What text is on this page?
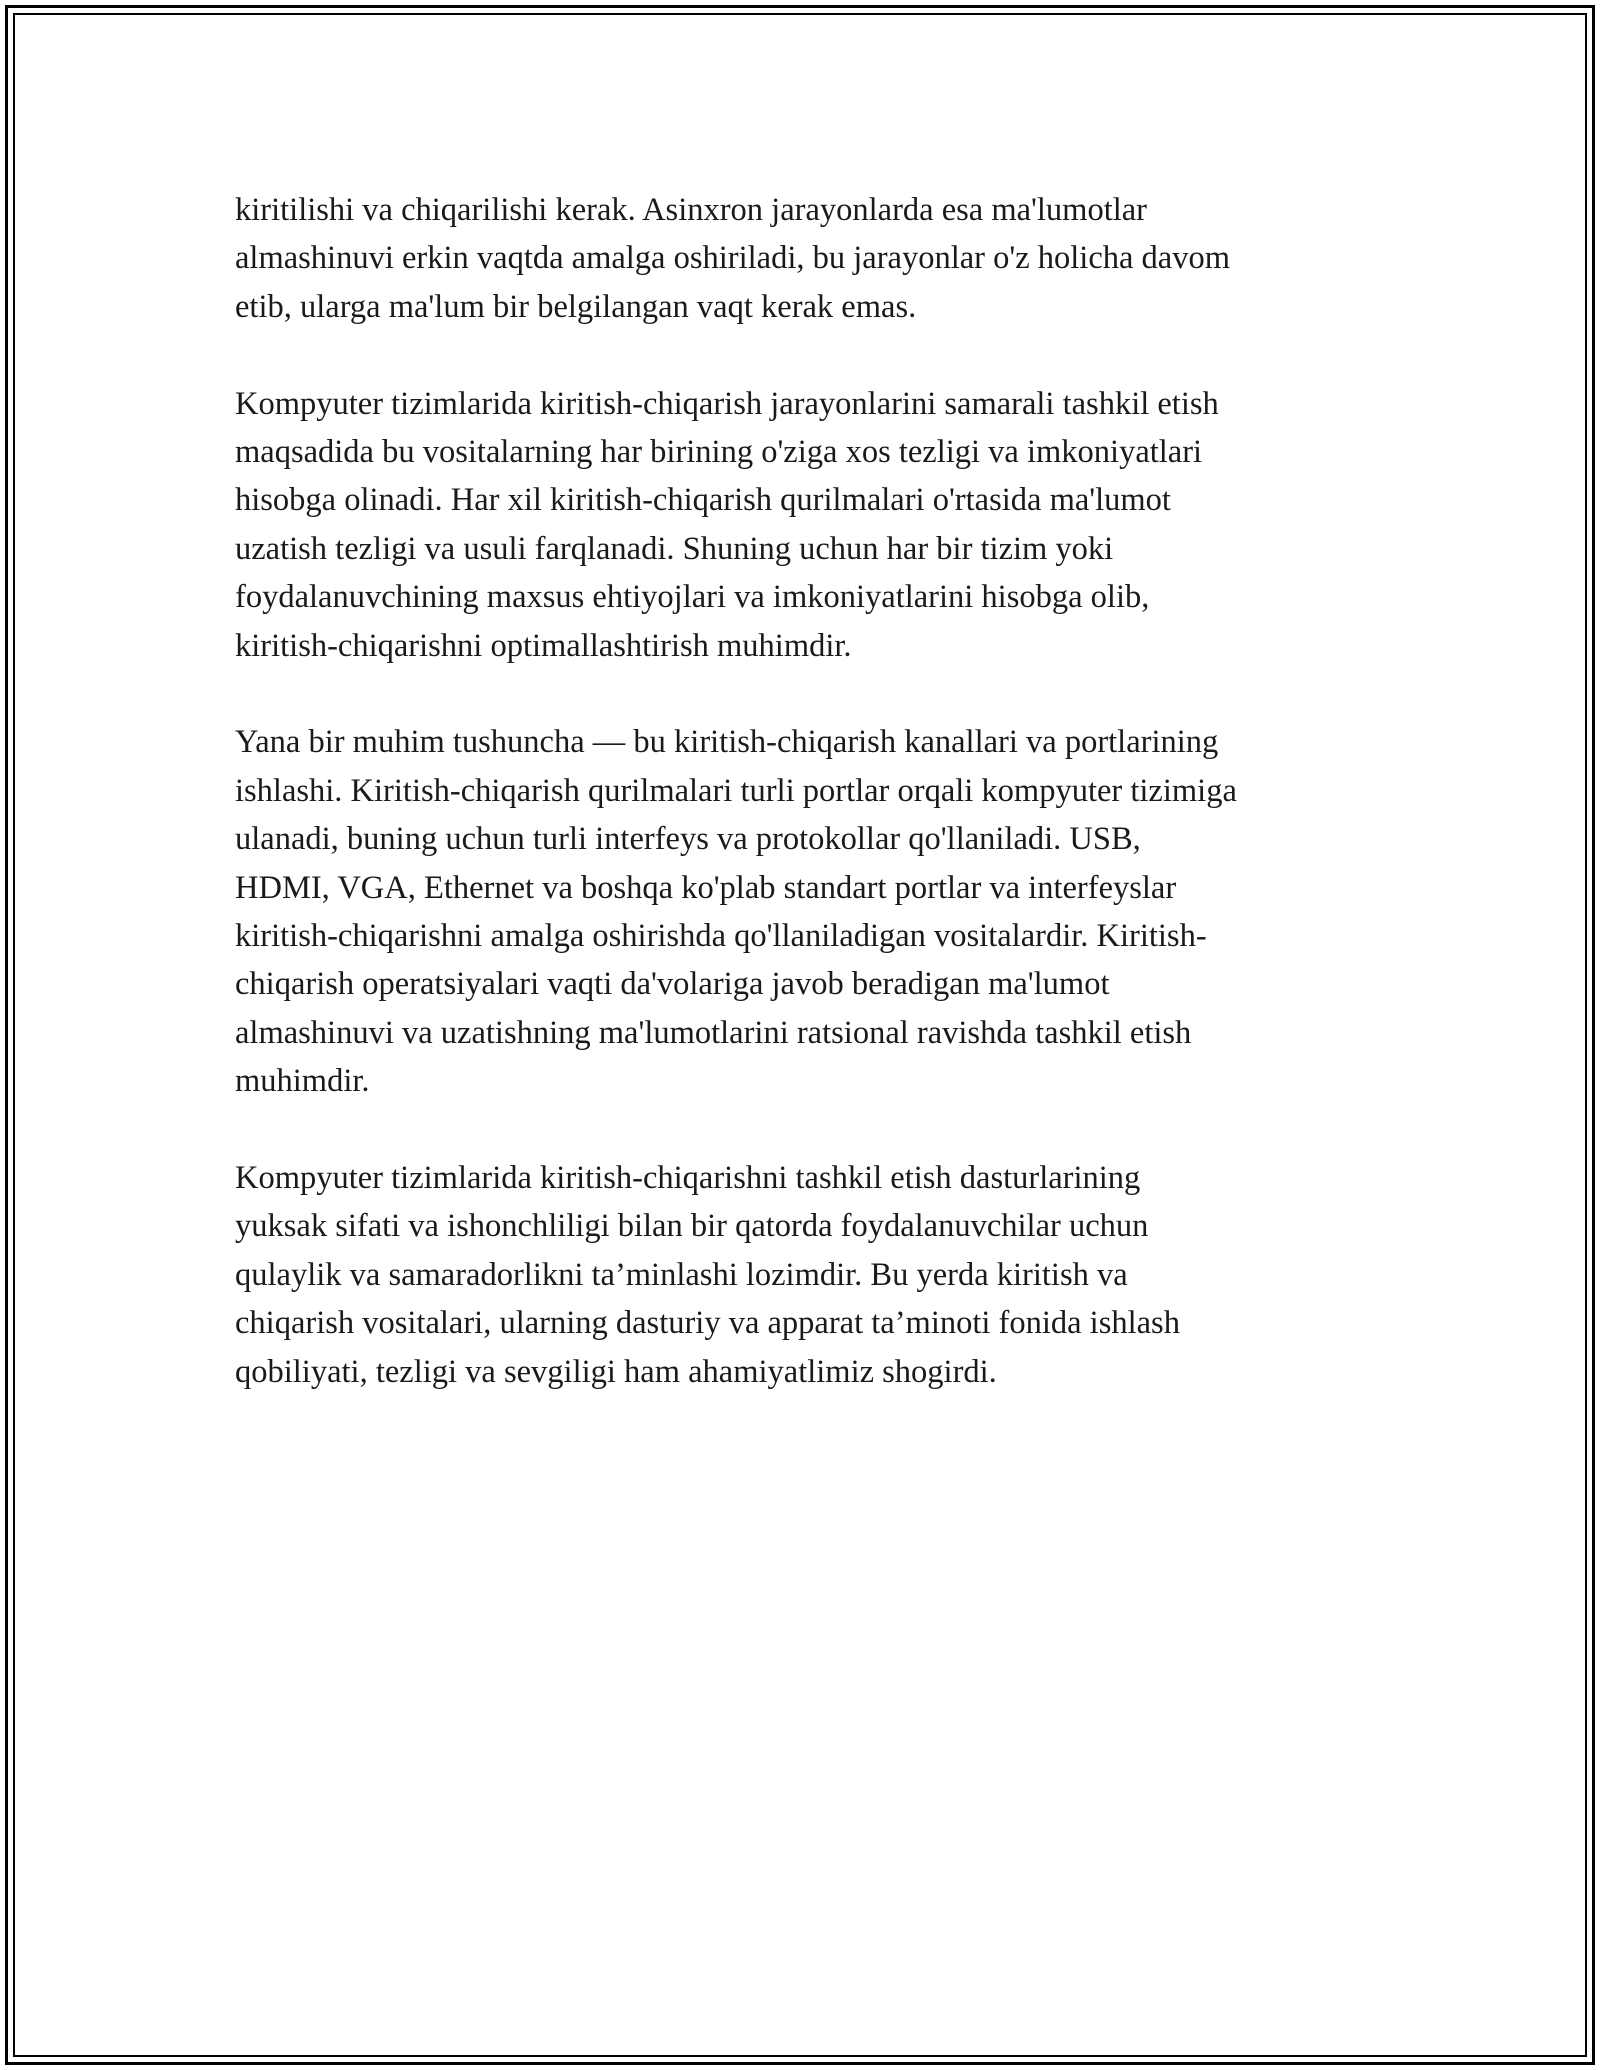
kiritilishi va chiqarilishi kerak. Asinxron jarayonlarda esa ma'lumotlar
almashinuvi erkin vaqtda amalga oshiriladi, bu jarayonlar o'z holicha davom
etib, ularga ma'lum bir belgilangan vaqt kerak emas.

Kompyuter tizimlarida kiritish-chiqarish jarayonlarini samarali tashkil etish
maqsadida bu vositalarning har birining o'ziga xos tezligi va imkoniyatlari
hisobga olinadi. Har xil kiritish-chiqarish qurilmalari o'rtasida ma'lumot
uzatish tezligi va usuli farqlanadi. Shuning uchun har bir tizim yoki
foydalanuvchining maxsus ehtiyojlari va imkoniyatlarini hisobga olib,
kiritish-chiqarishni optimallashtirish muhimdir.

Yana bir muhim tushuncha — bu kiritish-chiqarish kanallari va portlarining
ishlashi. Kiritish-chiqarish qurilmalari turli portlar orqali kompyuter tizimiga
ulanadi, buning uchun turli interfeys va protokollar qo'llaniladi. USB,
HDMI, VGA, Ethernet va boshqa ko'plab standart portlar va interfeyslar
kiritish-chiqarishni amalga oshirishda qo'llaniladigan vositalardir. Kiritish-
chiqarish operatsiyalari vaqti da'volariga javob beradigan ma'lumot
almashinuvi va uzatishning ma'lumotlarini ratsional ravishda tashkil etish
muhimdir.

Kompyuter tizimlarida kiritish-chiqarishni tashkil etish dasturlarining
yuksak sifati va ishonchliligi bilan bir qatorda foydalanuvchilar uchun
qulaylik va samaradorlikni ta’minlashi lozimdir. Bu yerda kiritish va
chiqarish vositalari, ularning dasturiy va apparat ta’minoti fonida ishlash
qobiliyati, tezligi va sevgiligi ham ahamiyatlimiz shogirdi.
